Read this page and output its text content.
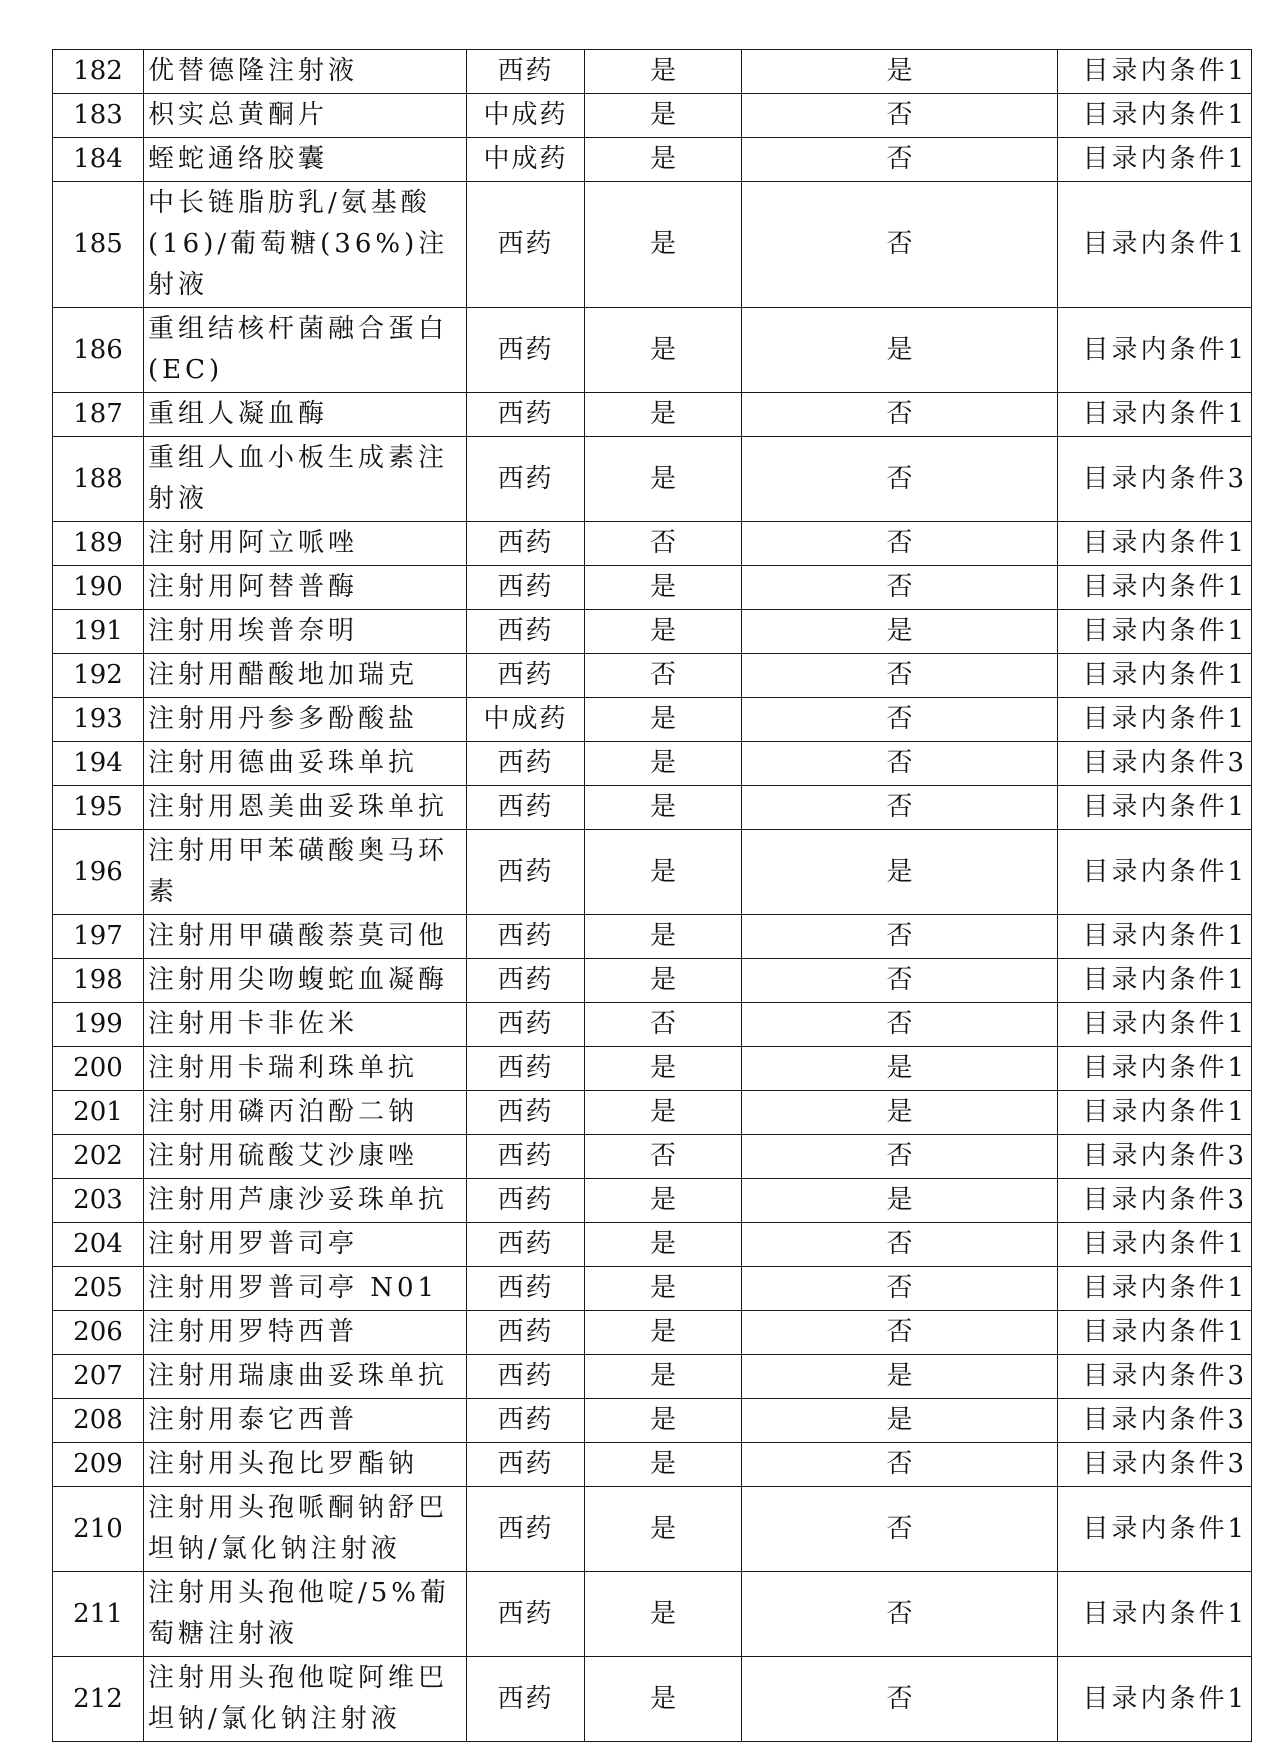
182	优替德隆注射液	西药	是	是	目录内条件1
183	枳实总黄酮片	中成药	是	否	目录内条件1
184	蛭蛇通络胶囊	中成药	是	否	目录内条件1
185	中长链脂肪乳/氨基酸(16)/葡萄糖(36%)注射液	西药	是	否	目录内条件1
186	重组结核杆菌融合蛋白(EC)	西药	是	是	目录内条件1
187	重组人凝血酶	西药	是	否	目录内条件1
188	重组人血小板生成素注射液	西药	是	否	目录内条件3
189	注射用阿立哌唑	西药	否	否	目录内条件1
190	注射用阿替普酶	西药	是	否	目录内条件1
191	注射用埃普奈明	西药	是	是	目录内条件1
192	注射用醋酸地加瑞克	西药	否	否	目录内条件1
193	注射用丹参多酚酸盐	中成药	是	否	目录内条件1
194	注射用德曲妥珠单抗	西药	是	否	目录内条件3
195	注射用恩美曲妥珠单抗	西药	是	否	目录内条件1
196	注射用甲苯磺酸奥马环素	西药	是	是	目录内条件1
197	注射用甲磺酸萘莫司他	西药	是	否	目录内条件1
198	注射用尖吻蝮蛇血凝酶	西药	是	否	目录内条件1
199	注射用卡非佐米	西药	否	否	目录内条件1
200	注射用卡瑞利珠单抗	西药	是	是	目录内条件1
201	注射用磷丙泊酚二钠	西药	是	是	目录内条件1
202	注射用硫酸艾沙康唑	西药	否	否	目录内条件3
203	注射用芦康沙妥珠单抗	西药	是	是	目录内条件3
204	注射用罗普司亭	西药	是	否	目录内条件1
205	注射用罗普司亭 N01	西药	是	否	目录内条件1
206	注射用罗特西普	西药	是	否	目录内条件1
207	注射用瑞康曲妥珠单抗	西药	是	是	目录内条件3
208	注射用泰它西普	西药	是	是	目录内条件3
209	注射用头孢比罗酯钠	西药	是	否	目录内条件3
210	注射用头孢哌酮钠舒巴坦钠/氯化钠注射液	西药	是	否	目录内条件1
211	注射用头孢他啶/5%葡萄糖注射液	西药	是	否	目录内条件1
212	注射用头孢他啶阿维巴坦钠/氯化钠注射液	西药	是	否	目录内条件1
